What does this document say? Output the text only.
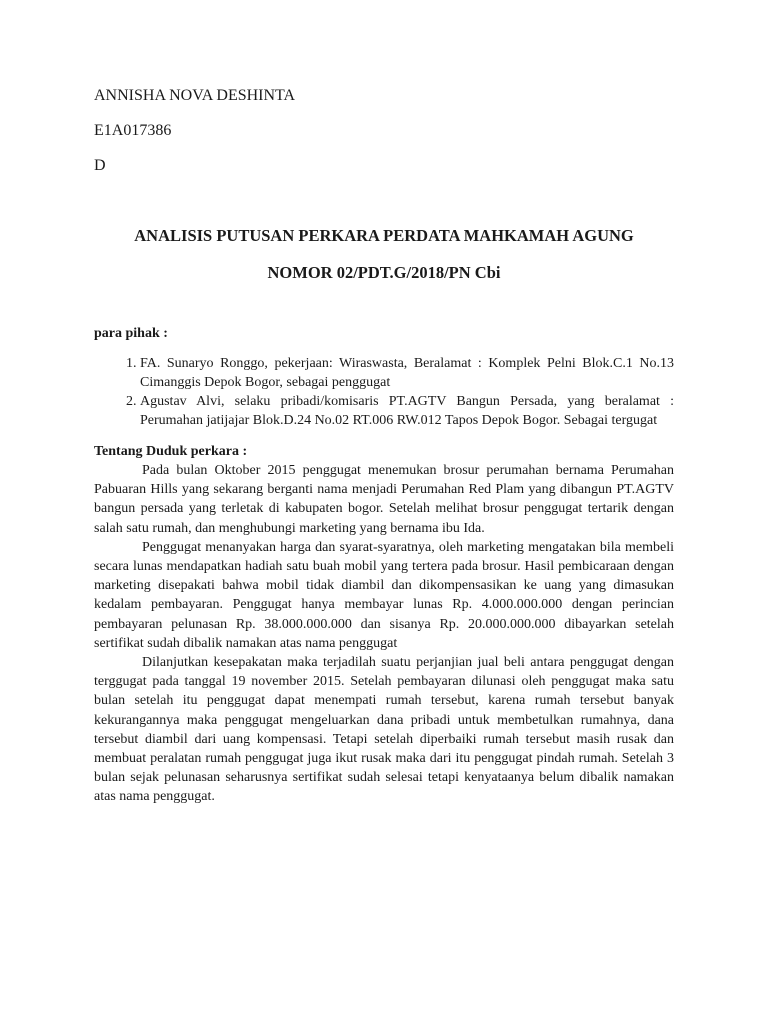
ANNISHA NOVA DESHINTA

E1A017386

D

ANALISIS PUTUSAN PERKARA PERDATA MAHKAMAH AGUNG

NOMOR 02/PDT.G/2018/PN Cbi

para pihak :

1. FA. Sunaryo Ronggo, pekerjaan: Wiraswasta, Beralamat : Komplek Pelni Blok.C.1 No.13 Cimanggis Depok Bogor, sebagai penggugat
2. Agustav Alvi, selaku pribadi/komisaris PT.AGTV Bangun Persada, yang beralamat : Perumahan jatijajar Blok.D.24 No.02 RT.006 RW.012 Tapos Depok Bogor. Sebagai tergugat

Tentang Duduk perkara :

Pada bulan Oktober 2015 penggugat menemukan brosur perumahan bernama Perumahan Pabuaran Hills yang sekarang berganti nama menjadi Perumahan Red Plam yang dibangun PT.AGTV bangun persada yang terletak di kabupaten bogor. Setelah melihat brosur penggugat tertarik dengan salah satu rumah, dan menghubungi marketing yang bernama ibu Ida.

Penggugat menanyakan harga dan syarat-syaratnya, oleh marketing mengatakan bila membeli secara lunas mendapatkan hadiah satu buah mobil yang tertera pada brosur. Hasil pembicaraan dengan marketing disepakati bahwa mobil tidak diambil dan dikompensasikan ke uang yang dimasukan kedalam pembayaran. Penggugat hanya membayar lunas Rp. 4.000.000.000 dengan perincian pembayaran pelunasan Rp. 38.000.000.000 dan sisanya Rp. 20.000.000.000 dibayarkan setelah sertifikat sudah dibalik namakan atas nama penggugat

Dilanjutkan kesepakatan maka terjadilah suatu perjanjian jual beli antara penggugat dengan terggugat pada tanggal 19 november 2015. Setelah pembayaran dilunasi oleh penggugat maka satu bulan setelah itu penggugat dapat menempati rumah tersebut, karena rumah tersebut banyak kekurangannya maka penggugat mengeluarkan dana pribadi untuk membetulkan rumahnya, dana tersebut diambil dari uang kompensasi. Tetapi setelah diperbaiki rumah tersebut masih rusak dan membuat peralatan rumah penggugat juga ikut rusak maka dari itu penggugat pindah rumah. Setelah 3 bulan sejak pelunasan seharusnya sertifikat sudah selesai tetapi kenyataanya belum dibalik namakan atas nama penggugat.
